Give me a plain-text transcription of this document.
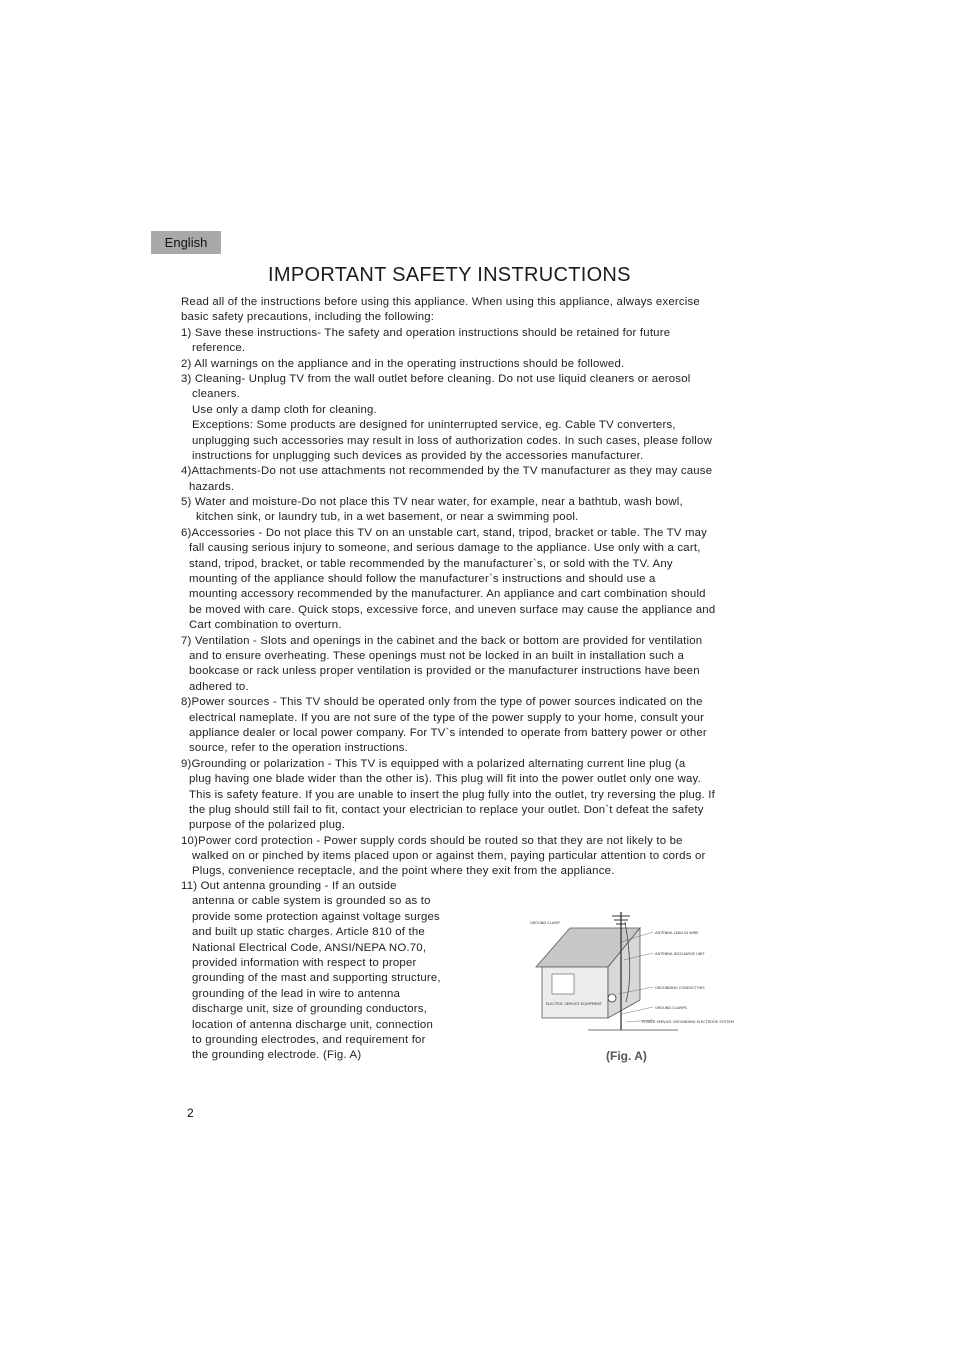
English
IMPORTANT SAFETY INSTRUCTIONS
Read all of the instructions before using this appliance. When using this appliance, always exercise
basic safety precautions, including the following:
1) Save these instructions- The safety and operation instructions should be retained for future
reference.
2) All warnings on the appliance and in the operating instructions should be followed.
3) Cleaning- Unplug TV from the wall outlet before cleaning. Do not use liquid cleaners or aerosol
cleaners.
Use only a damp cloth for cleaning.
Exceptions: Some products are designed for uninterrupted service, eg. Cable TV converters,
unplugging such accessories may result in loss of authorization codes. In such cases, please follow
instructions for unplugging such devices as provided by the accessories manufacturer.
4)Attachments-Do not use attachments not recommended by the TV manufacturer as they may cause
hazards.
5) Water and moisture-Do not place this TV near water, for example, near a bathtub, wash bowl,
kitchen sink, or laundry tub, in a wet basement, or near a swimming pool.
6)Accessories - Do not place this TV on an unstable cart, stand, tripod, bracket or table. The TV may
fall causing serious injury to someone, and serious damage to the appliance. Use only with a cart,
stand, tripod, bracket, or table recommended by the manufacturer`s, or sold with the TV. Any
mounting of the appliance should follow the manufacturer`s instructions and should use a
mounting accessory recommended by the manufacturer. An appliance and cart combination should
be moved with care. Quick stops, excessive force, and uneven surface may cause the appliance and
Cart combination to overturn.
7) Ventilation - Slots and openings in the cabinet and the back or bottom are provided for ventilation
and to ensure overheating. These openings must not be locked in an built in installation such a
bookcase or rack unless proper ventilation is provided or the manufacturer instructions have been
adhered to.
8)Power sources - This TV should be operated only from the type of power sources indicated on the
electrical nameplate. If you are not sure of the type of the power supply to your home, consult your
appliance dealer or local power company. For TV`s intended to operate from battery power or other
source, refer to the operation instructions.
9)Grounding or polarization - This TV is equipped with a polarized alternating current line plug (a
plug having one blade wider than the other is). This plug will fit into the power outlet only one way.
This is safety feature. If you are unable to insert the plug fully into the outlet, try reversing the plug. If
the plug should still fail to fit, contact your electrician to replace your outlet. Don`t defeat the safety
purpose of the polarized plug.
10)Power cord protection - Power supply cords should be routed so that they are not likely to be
walked on or pinched by items placed upon or against them, paying particular attention to cords or
Plugs, convenience receptacle, and the point where they exit from the appliance.
11) Out antenna grounding - If an outside
antenna or cable system is grounded so as to
provide some protection against voltage surges
and built up static charges. Article 810 of the
National Electrical Code, ANSI/NEPA NO.70,
provided information with respect to proper
grounding of the mast and supporting structure,
grounding of the lead in wire to antenna
discharge unit, size of grounding conductors,
location of antenna discharge unit, connection
to grounding electrodes, and requirement for
the grounding electrode. (Fig. A)
ANTENNA LEAD IN WIRE
ANTENNA DISCHARGE UNIT
GROUNDING CONDUCTORS
GROUND CLAMPS
POWER SERVICE GROUNDING ELECTRODE SYSTEM
GROUND CLAMP
ELECTRIC SERVICE EQUIPMENT
(Fig. A)
2
